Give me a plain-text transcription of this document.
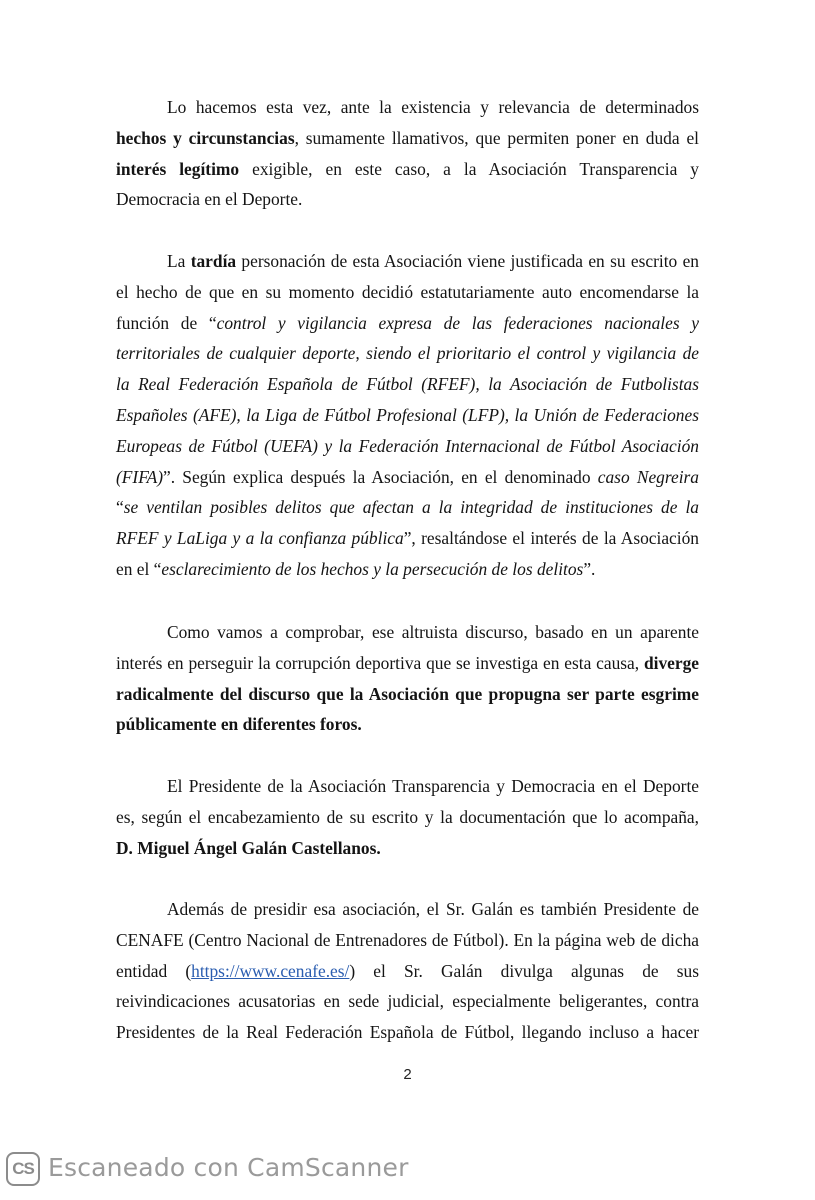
Lo hacemos esta vez, ante la existencia y relevancia de determinados
hechos y circunstancias, sumamente llamativos, que permiten poner en duda el
interés legítimo exigible, en este caso, a la Asociación Transparencia y
Democracia en el Deporte.
La tardía personación de esta Asociación viene justificada en su escrito en
el hecho de que en su momento decidió estatutariamente auto encomendarse la
función de “control y vigilancia expresa de las federaciones nacionales y
territoriales de cualquier deporte, siendo el prioritario el control y vigilancia de
la Real Federación Española de Fútbol (RFEF), la Asociación de Futbolistas
Españoles (AFE), la Liga de Fútbol Profesional (LFP), la Unión de Federaciones
Europeas de Fútbol (UEFA) y la Federación Internacional de Fútbol Asociación
(FIFA)”. Según explica después la Asociación, en el denominado caso Negreira
“se ventilan posibles delitos que afectan a la integridad de instituciones de la
RFEF y LaLiga y a la confianza pública”, resaltándose el interés de la Asociación
en el “esclarecimiento de los hechos y la persecución de los delitos”.
Como vamos a comprobar, ese altruista discurso, basado en un aparente
interés en perseguir la corrupción deportiva que se investiga en esta causa, diverge
radicalmente del discurso que la Asociación que propugna ser parte esgrime
públicamente en diferentes foros.
El Presidente de la Asociación Transparencia y Democracia en el Deporte
es, según el encabezamiento de su escrito y la documentación que lo acompaña,
D. Miguel Ángel Galán Castellanos.
Además de presidir esa asociación, el Sr. Galán es también Presidente de
CENAFE (Centro Nacional de Entrenadores de Fútbol). En la página web de dicha
entidad (https://www.cenafe.es/) el Sr. Galán divulga algunas de sus
reivindicaciones acusatorias en sede judicial, especialmente beligerantes, contra
Presidentes de la Real Federación Española de Fútbol, llegando incluso a hacer
2
CS Escaneado con CamScanner
